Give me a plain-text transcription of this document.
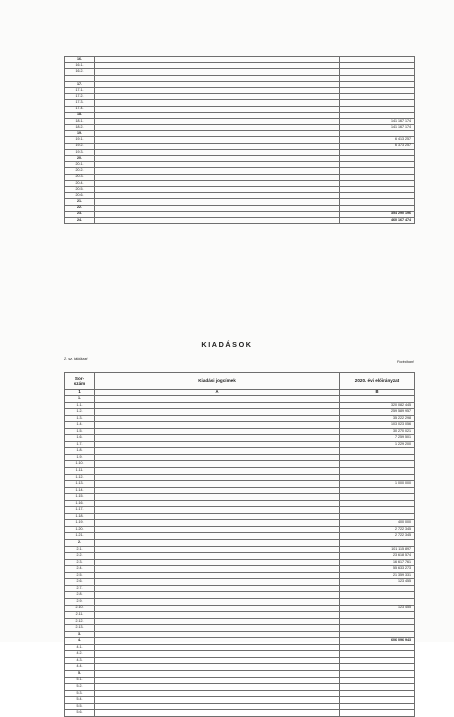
16.		
16.1.		
16.2.		

17.		
17.1.		
17.2.		
17.3.		
17.4.		
18.		
18.1.		141 167 174
18.2.		141 167 174
19.		
19.1.		6 413 257
19.2.		6 373 257
19.3.		
20.		
20.1.		
20.2.		
20.3.		
20.4.		
20.5.		
20.6.		
21.		
22.		
23.		354 290 196
24.		460 167 474
KIADÁSOK
2. sz. táblázat
Forintban!
Sor-
szám	Kiadási jogcímek	2020. évi előirányzat
1	A	B
1.		
1.1.		320 082 445
1.2.		259 589 957
1.3.		35 222 298
1.4.		103 023 056
1.5.		30 270 021
1.6.		7 259 501
1.7.		1 229 200
1.8.		
1.9.		
1.10.		
1.11.		
1.12.		
1.13.		1 000 000
1.14.		
1.15.		
1.16.		
1.17.		
1.18.		
1.19.		400 000
1.20.		2 722 345
1.21.		2 722 345
2.		
2.1.		101 115 897
2.2.		23 618 574
2.3.		16 617 761
2.4.		55 633 273
2.5.		21 359 331
2.6.		123 455
2.7.		
2.8.		
2.9.		
2.10.		123 455
2.11.		
2.12.		
2.13.		
3.		
4.		606 096 943
4.1.		
4.2.		
4.3.		
4.4.		
5.		
5.1.		
5.2.		
5.3.		
5.4.		
5.5.		
5.6.		
